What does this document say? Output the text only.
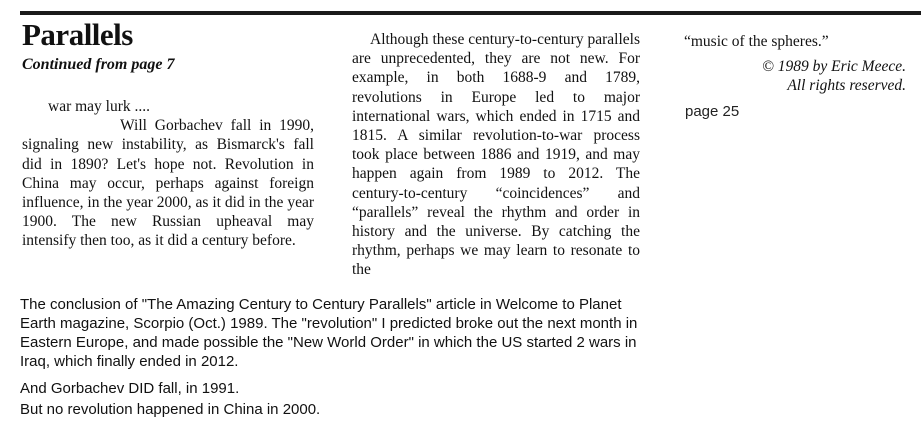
Parallels
Continued from page 7

war may lurk ....

Will Gorbachev fall in 1990, signaling new instability, as Bismarck's fall did in 1890? Let's hope not. Revolution in China may occur, perhaps against foreign influence, in the year 2000, as it did in the year 1900. The new Russian upheaval may intensify then too, as it did a century before.

Although these century-to-century parallels are unprecedented, they are not new. For example, in both 1688-9 and 1789, revolutions in Europe led to major international wars, which ended in 1715 and 1815. A similar revolution-to-war process took place between 1886 and 1919, and may happen again from 1989 to 2012. The century-to-century “coincidences” and “parallels” reveal the rhythm and order in history and the universe. By catching the rhythm, perhaps we may learn to resonate to the

“music of the spheres.”

© 1989 by Eric Meece.
All rights reserved.

page 25

The conclusion of "The Amazing Century to Century Parallels" article in Welcome to Planet Earth magazine, Scorpio (Oct.) 1989. The "revolution" I predicted broke out the next month in Eastern Europe, and made possible the "New World Order" in which the US started 2 wars in Iraq, which finally ended in 2012.

And Gorbachev DID fall, in 1991.

But no revolution happened in China in 2000.
